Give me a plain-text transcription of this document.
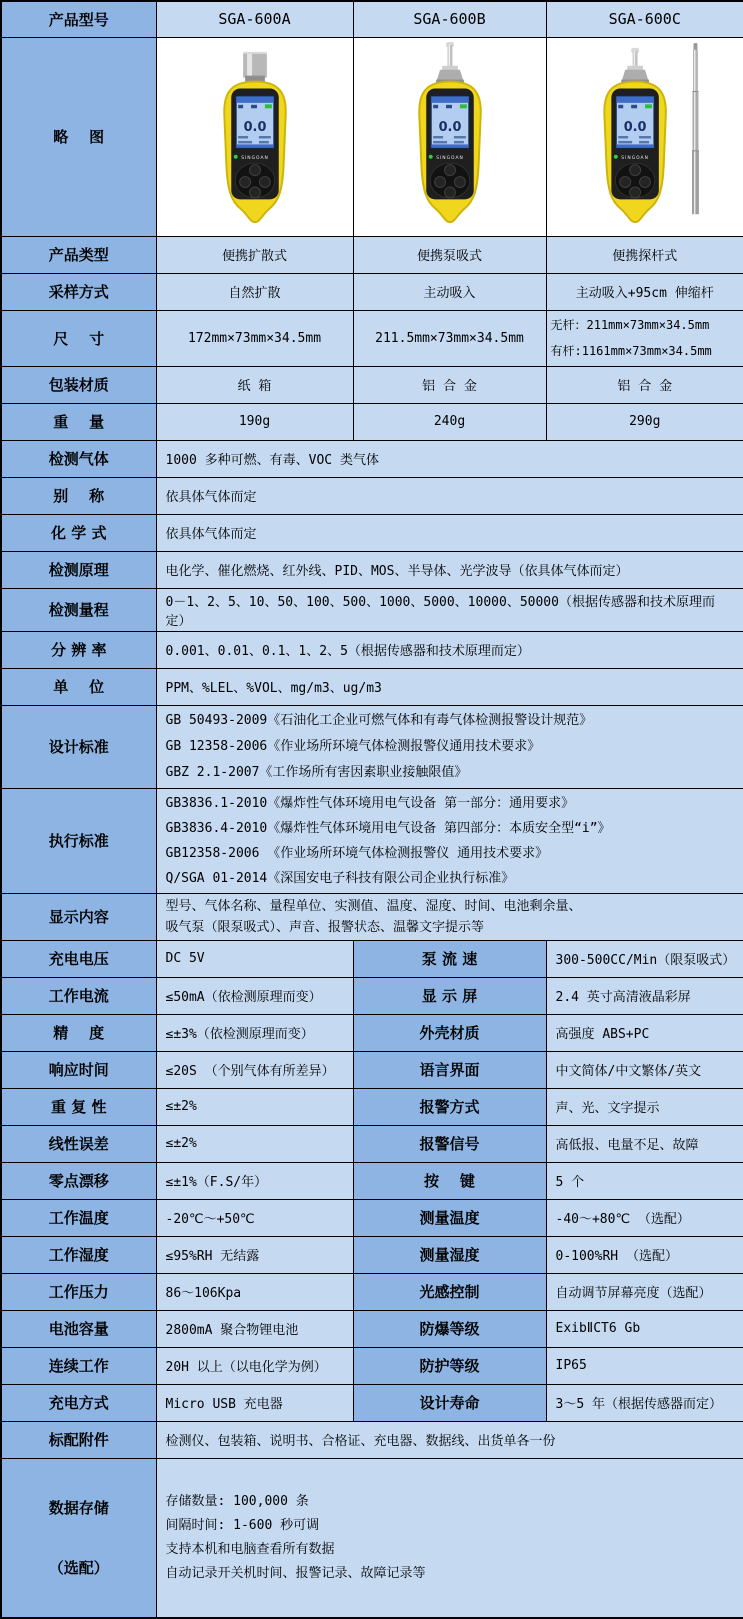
产品型号	SGA-600A	SGA-600B	SGA-600C
略    图	0.0
SINGOAN	0.0
SINGOAN	0.0
SINGOAN

产品类型	便携扩散式	便携泵吸式	便携探杆式
采样方式	自然扩散	主动吸入	主动吸入+95cm 伸缩杆
尺    寸	172mm×73mm×34.5mm	211.5mm×73mm×34.5mm	无杆：211mm×73mm×34.5mm
有杆:1161mm×73mm×34.5mm

包装材质	纸 箱	铝 合 金	铝 合 金
重    量	190g	240g	290g
检测气体	1000 多种可燃、有毒、VOC 类气体		
别    称	依具体气体而定		
化 学 式	依具体气体而定		
检测原理	电化学、催化燃烧、红外线、PID、MOS、半导体、光学波导（依具体气体而定）		
检测量程	0－1、2、5、10、50、100、500、1000、5000、10000、50000（根据传感器和技术原理而定）		
分 辨 率	0.001、0.01、0.1、1、2、5（根据传感器和技术原理而定）		
单    位	PPM、%LEL、%VOL、mg/m3、ug/m3		
设计标准	GB 50493-2009《石油化工企业可燃气体和有毒气体检测报警设计规范》
GB 12358-2006《作业场所环境气体检测报警仪通用技术要求》
GBZ 2.1-2007《工作场所有害因素职业接触限值》		

执行标准	GB3836.1-2010《爆炸性气体环境用电气设备 第一部分：通用要求》
GB3836.4-2010《爆炸性气体环境用电气设备 第四部分：本质安全型“i”》
GB12358-2006 《作业场所环境气体检测报警仪 通用技术要求》
Q/SGA 01-2014《深国安电子科技有限公司企业执行标准》		

显示内容	型号、气体名称、量程单位、实测值、温度、湿度、时间、电池剩余量、
吸气泵（限泵吸式）、声音、报警状态、温馨文字提示等		

充电电压	DC 5V	泵 流 速	300-500CC/Min（限泵吸式）
工作电流	≤50mA（依检测原理而变）	显 示 屏	2.4 英寸高清液晶彩屏
精    度	≤±3%（依检测原理而变）	外壳材质	高强度 ABS+PC
响应时间	≤20S （个别气体有所差异）	语言界面	中文简体/中文繁体/英文
重 复 性	≤±2%	报警方式	声、光、文字提示
线性误差	≤±2%	报警信号	高低报、电量不足、故障
零点漂移	≤±1%（F.S/年）	按    键	5 个
工作温度	-20℃～+50℃	测量温度	-40～+80℃ （选配）
工作湿度	≤95%RH 无结露	测量湿度	0-100%RH （选配）
工作压力	86～106Kpa	光感控制	自动调节屏幕亮度（选配）
电池容量	2800mA 聚合物锂电池	防爆等级	ExibⅡCT6 Gb
连续工作	20H 以上（以电化学为例）	防护等级	IP65
充电方式	Micro USB 充电器	设计寿命	3～5 年（根据传感器而定）
标配附件	检测仪、包装箱、说明书、合格证、充电器、数据线、出货单各一份		

数据存储

（选配）

存储数量: 100,000 条
间隔时间: 1-600 秒可调
支持本机和电脑查看所有数据
自动记录开关机时间、报警记录、故障记录等
